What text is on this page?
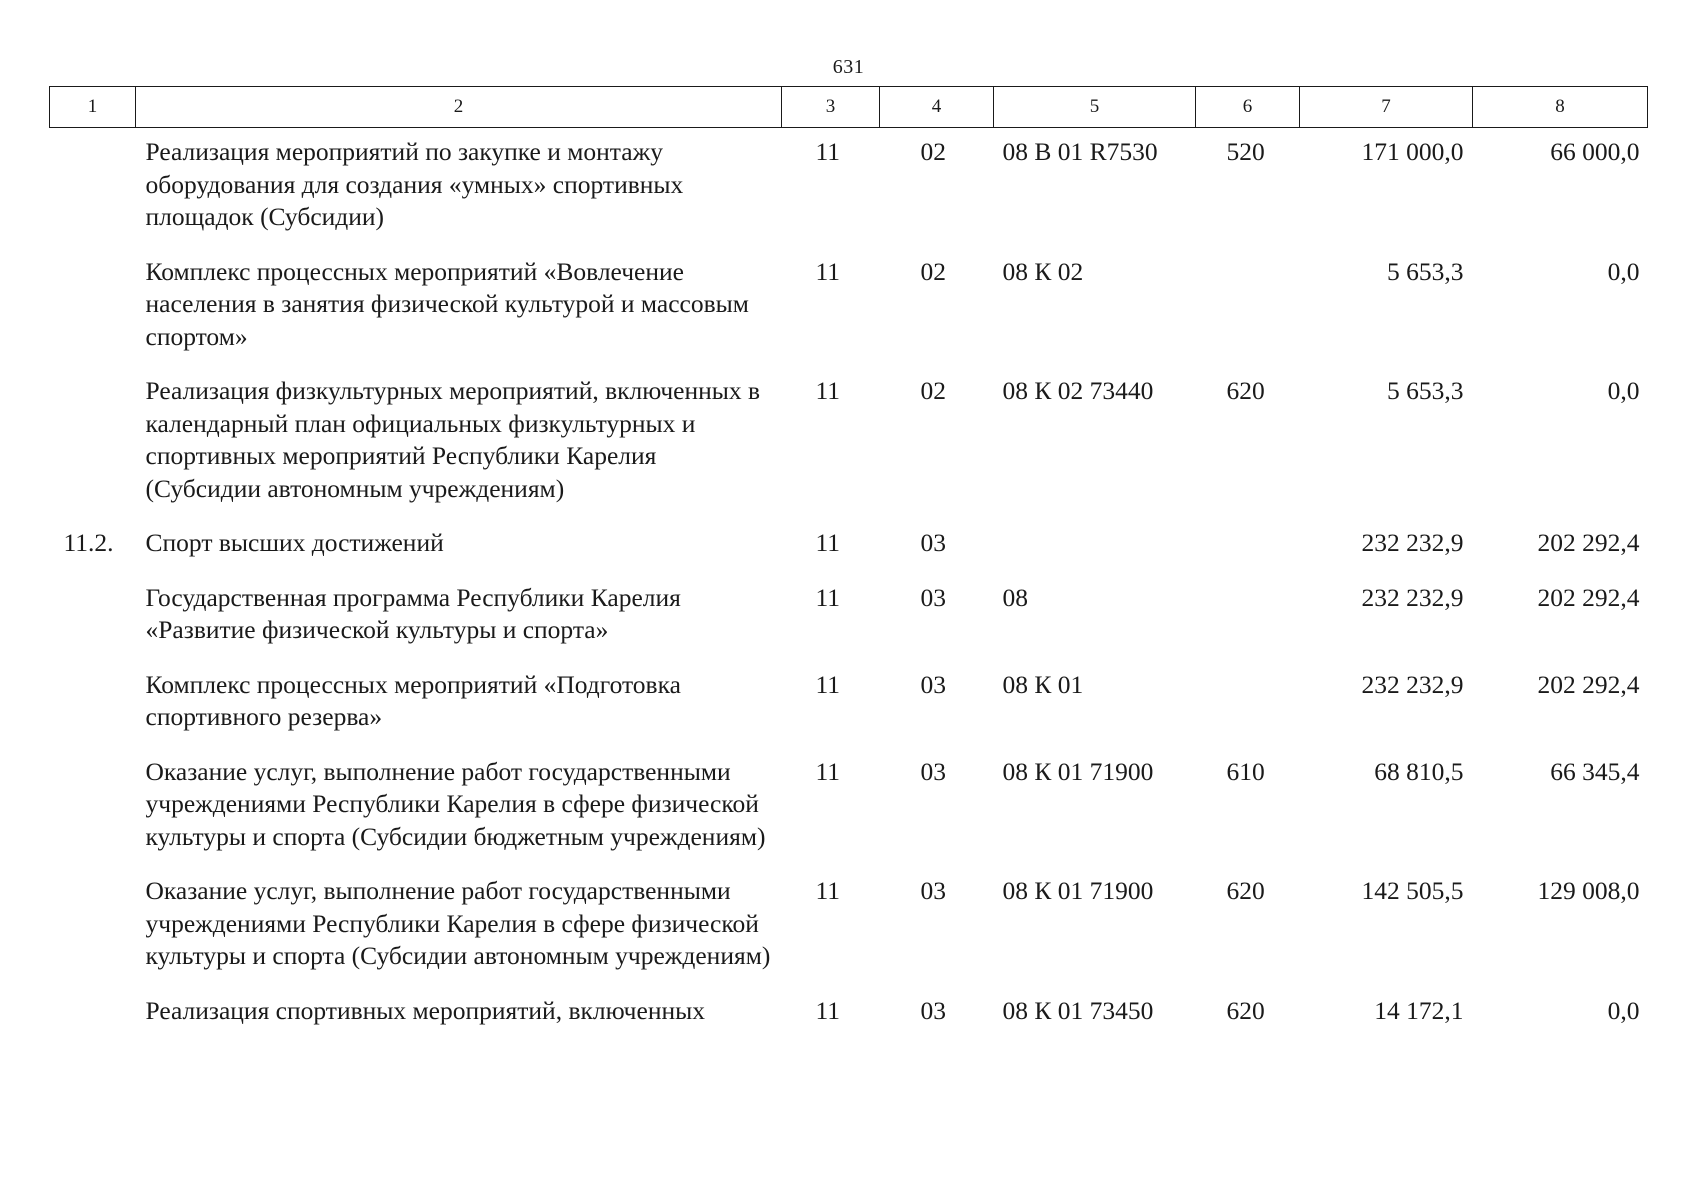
631
1	2	3	4	5	6	7	8
	Реализация мероприятий по закупке и монтажу оборудования для создания «умных» спортивных площадок (Субсидии)	11	02	08 B 01 R7530	520	171 000,0	66 000,0
	Комплекс процессных мероприятий «Вовлечение населения в занятия физической культурой и массовым спортом»	11	02	08 К 02		5 653,3	0,0
	Реализация физкультурных мероприятий, включенных в календарный план официальных физкультурных и спортивных мероприятий Республики Карелия (Субсидии автономным учреждениям)	11	02	08 К 02 73440	620	5 653,3	0,0
11.2.	Спорт высших достижений	11	03			232 232,9	202 292,4
	Государственная программа Республики Карелия «Развитие физической культуры и спорта»	11	03	08		232 232,9	202 292,4
	Комплекс процессных мероприятий «Подготовка спортивного резерва»	11	03	08 К 01		232 232,9	202 292,4
	Оказание услуг, выполнение работ государственными учреждениями Республики Карелия в сфере физической культуры и спорта (Субсидии бюджетным учреждениям)	11	03	08 К 01 71900	610	68 810,5	66 345,4
	Оказание услуг, выполнение работ государственными учреждениями Республики Карелия в сфере физической культуры и спорта (Субсидии автономным учреждениям)	11	03	08 К 01 71900	620	142 505,5	129 008,0
	Реализация спортивных мероприятий, включенных	11	03	08 К 01 73450	620	14 172,1	0,0
